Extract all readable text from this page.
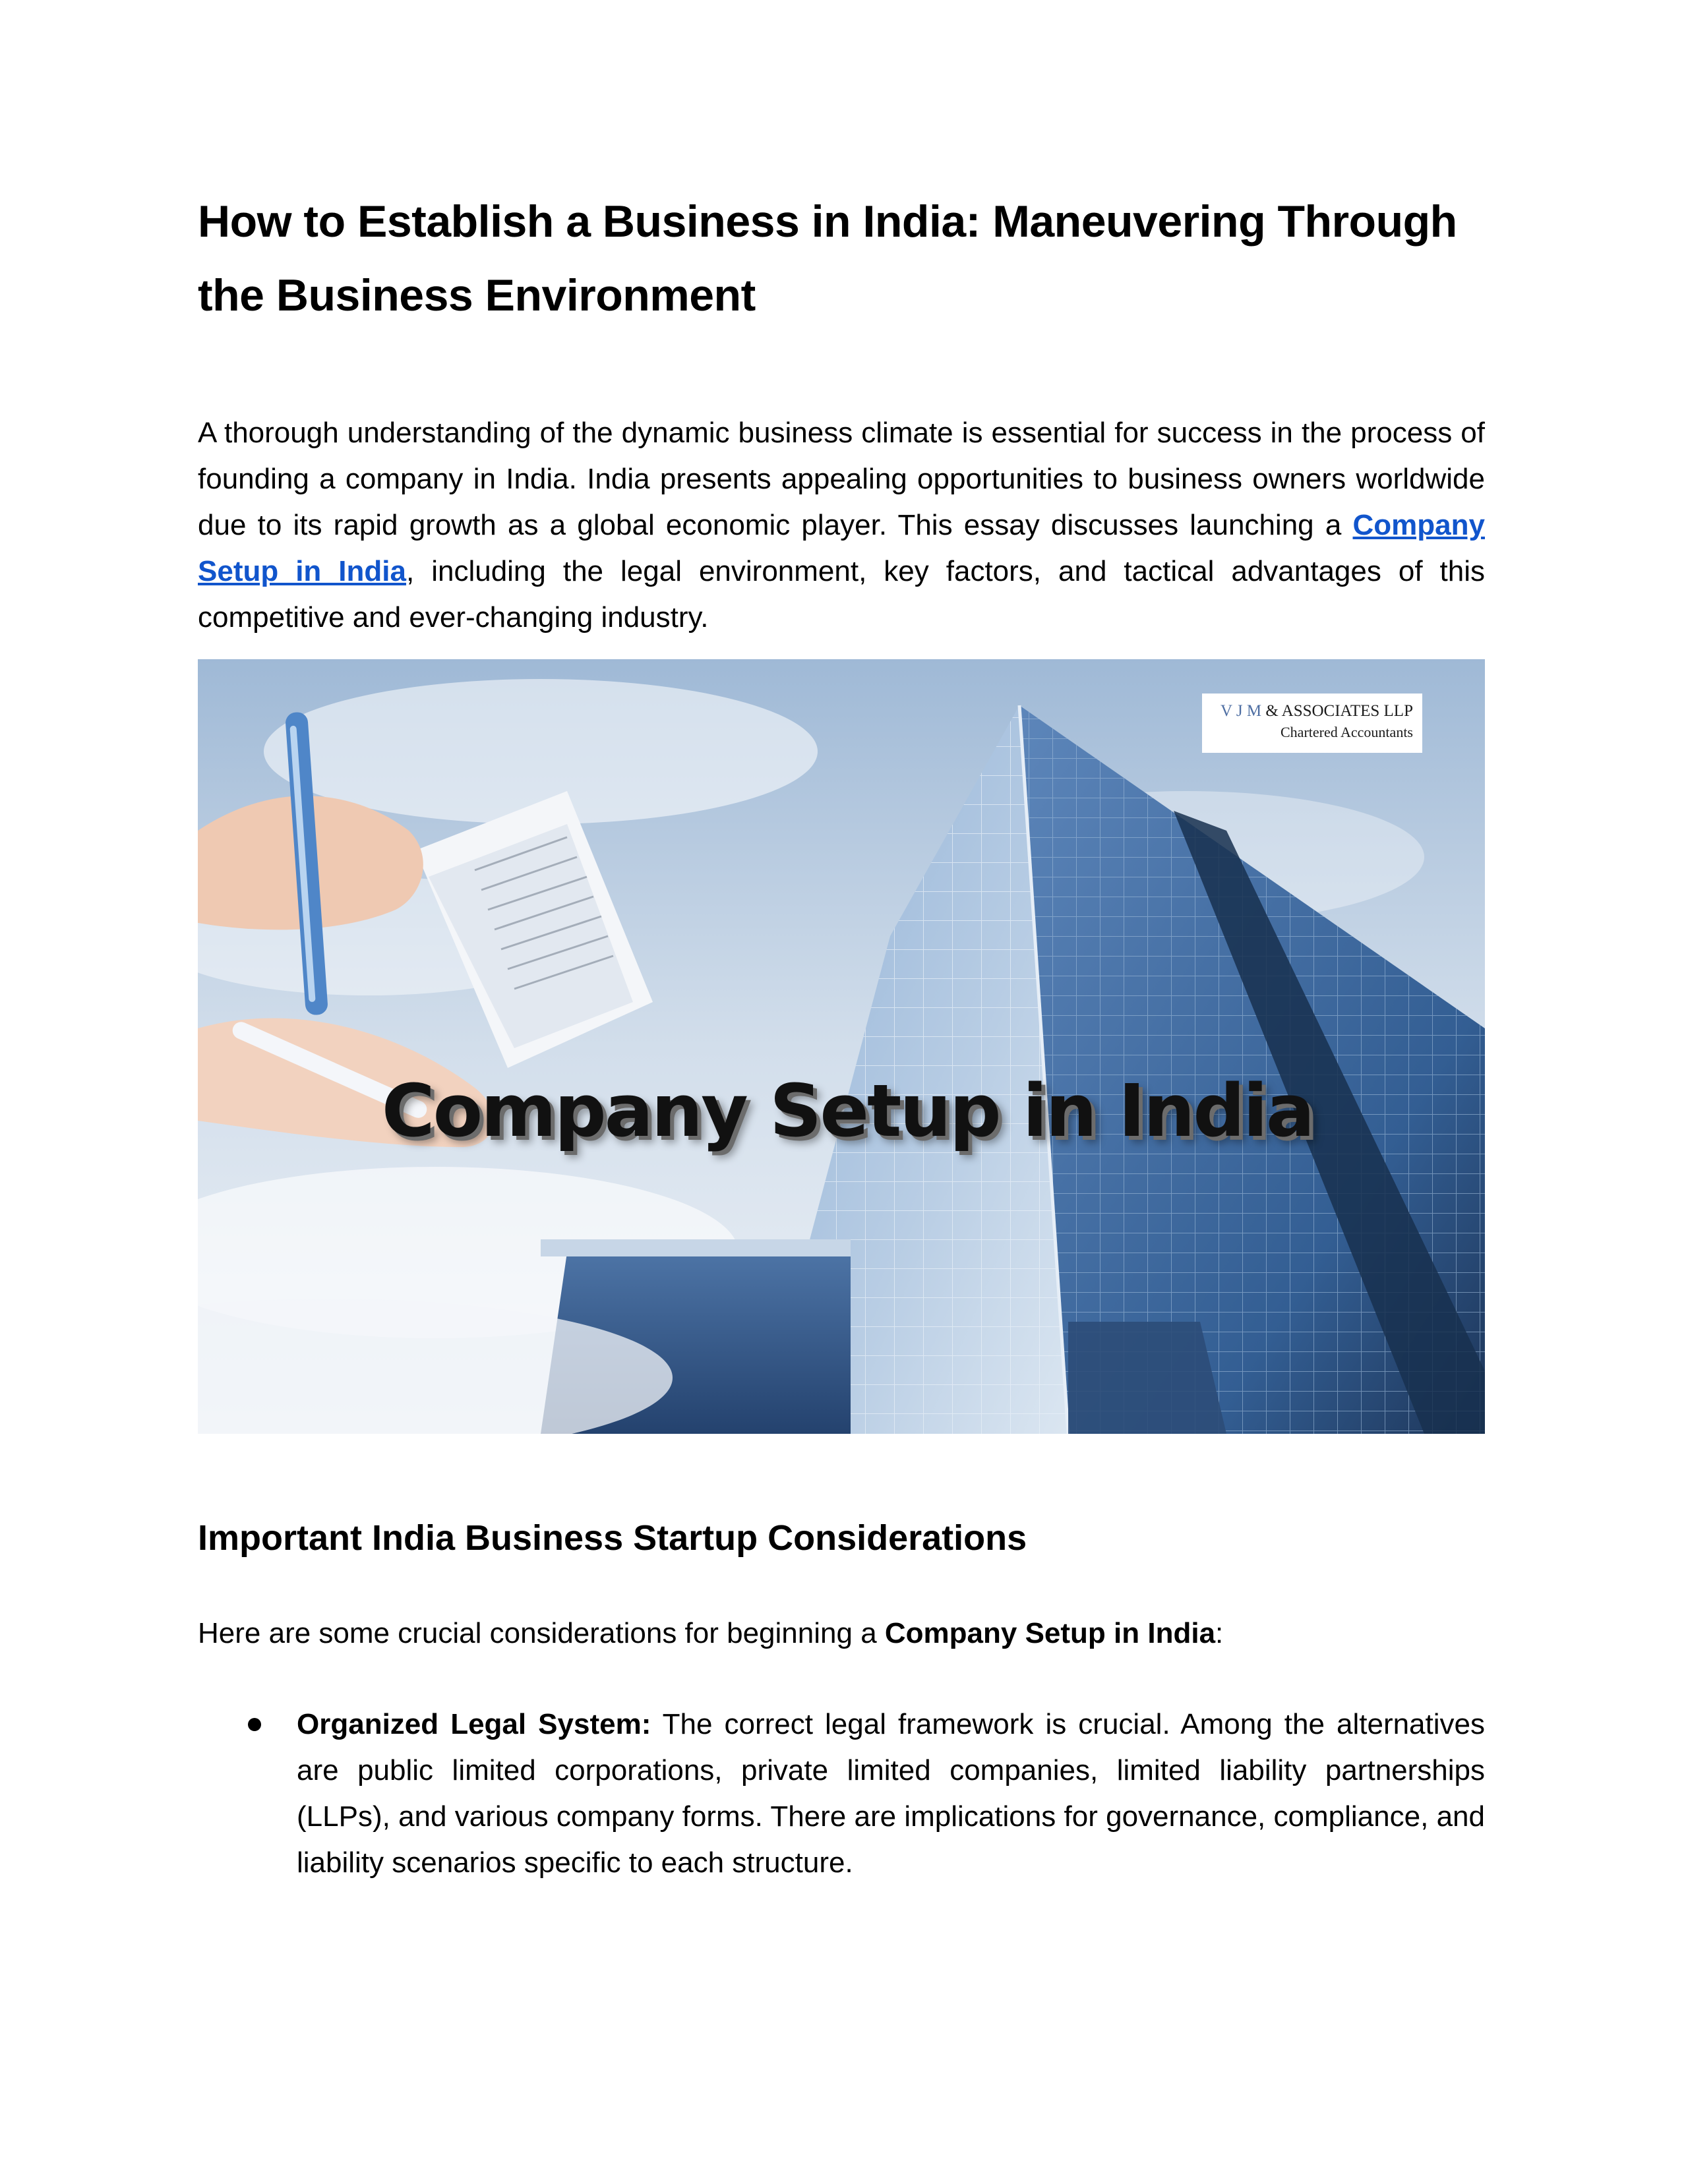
How to Establish a Business in India: Maneuvering Through the Business Environment

A thorough understanding of the dynamic business climate is essential for success in the process of founding a company in India. India presents appealing opportunities to business owners worldwide due to its rapid growth as a global economic player. This essay discusses launching a Company Setup in India, including the legal environment, key factors, and tactical advantages of this competitive and ever-changing industry.

V J M & ASSOCIATES LLP
Chartered Accountants
Company Setup in India
Important India Business Startup Considerations

Here are some crucial considerations for beginning a Company Setup in India:

Organized Legal System: The correct legal framework is crucial. Among the alternatives are public limited corporations, private limited companies, limited liability partnerships (LLPs), and various company forms. There are implications for governance, compliance, and liability scenarios specific to each structure.
